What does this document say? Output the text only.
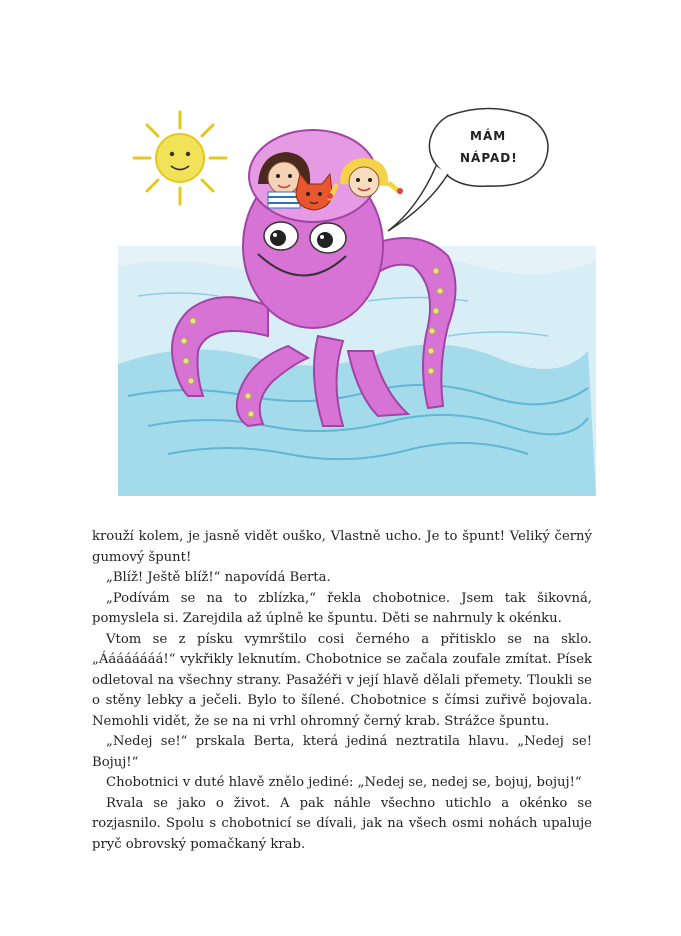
MÁM
NÁPAD!

krouží kolem, je jasně vidět ouško, Vlastně ucho. Je to špunt! Veliký černý gumový špunt!

„Blíž! Ještě blíž!“ napovídá Berta.

„Podívám se na to zblízka,“ řekla chobotnice. Jsem tak šikovná, pomyslela si. Zarejdila až úplně ke špuntu. Děti se nahrnuly k okénku.

Vtom se z písku vymrštilo cosi černého a přitisklo se na sklo. „Áááááááá!“ vykřikly leknutím. Chobotnice se začala zoufale zmítat. Písek odletoval na všechny strany. Pasažéři v její hlavě dělali přemety. Tloukli se o stěny lebky a ječeli. Bylo to šílené. Chobotnice s čímsi zuřivě bojovala. Nemohli vidět, že se na ni vrhl ohromný černý krab. Strážce špuntu.

„Nedej se!“ prskala Berta, která jediná neztratila hlavu. „Nedej se! Bojuj!“

Chobotnici v duté hlavě znělo jediné: „Nedej se, nedej se, bojuj, bojuj!“

Rvala se jako o život. A pak náhle všechno utichlo a okénko se rozjasnilo. Spolu s chobotnicí se dívali, jak na všech osmi nohách upaluje pryč obrovský pomačkaný krab.
